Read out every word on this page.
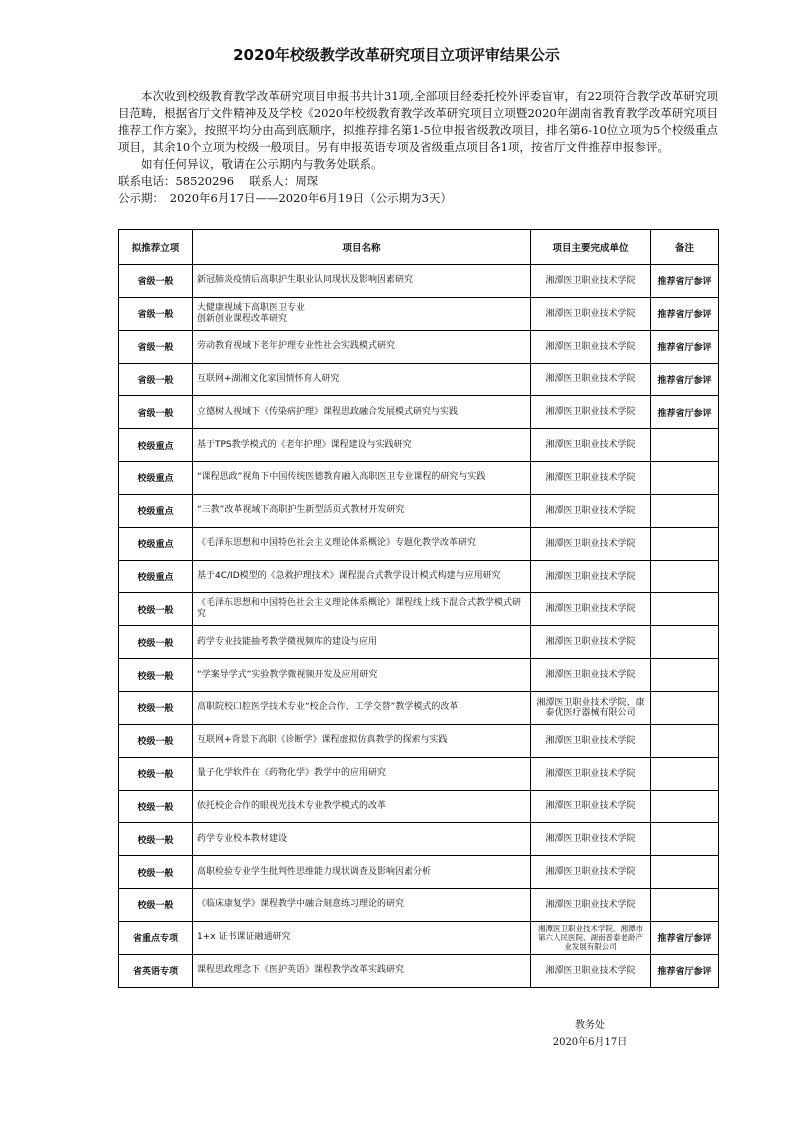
2020年校级教学改革研究项目立项评审结果公示

本次收到校级教育教学改革研究项目申报书共计31项,全部项目经委托校外评委盲审，有22项符合教学改革研究项目范畴，根据省厅文件精神及及学校《2020年校级教育教学改革研究项目立项暨2020年湖南省教育教学改革研究项目推荐工作方案》，按照平均分由高到底顺序，拟推荐排名第1-5位申报省级教改项目，排名第6-10位立项为5个校级重点项目，其余10个立项为校级一般项目。另有申报英语专项及省级重点项目各1项，按省厅文件推荐申报参评。

如有任何异议，敬请在公示期内与教务处联系。

联系电话：58520296　 联系人：周琛

公示期：　2020年6月17日——2020年6月19日（公示期为3天）

拟推荐立项	项目名称	项目主要完成单位	备注
省级一般	新冠肺炎疫情后高职护生职业认同现状及影响因素研究	湘潭医卫职业技术学院	推荐省厅参评
省级一般	大健康视域下高职医卫专业
创新创业课程改革研究	湘潭医卫职业技术学院	推荐省厅参评
省级一般	劳动教育视域下老年护理专业性社会实践模式研究	湘潭医卫职业技术学院	推荐省厅参评
省级一般	互联网+湖湘文化家国情怀育人研究	湘潭医卫职业技术学院	推荐省厅参评
省级一般	立德树人视域下《传染病护理》课程思政融合发展模式研究与实践	湘潭医卫职业技术学院	推荐省厅参评
校级重点	基于TPS教学模式的《老年护理》课程建设与实践研究	湘潭医卫职业技术学院	
校级重点	“课程思政”视角下中国传统医德教育融入高职医卫专业课程的研究与实践	湘潭医卫职业技术学院	
校级重点	“三教”改革视域下高职护生新型活页式教材开发研究	湘潭医卫职业技术学院	
校级重点	《毛泽东思想和中国特色社会主义理论体系概论》专题化教学改革研究	湘潭医卫职业技术学院	
校级重点	基于4C/ID模型的《急救护理技术》课程混合式教学设计模式构建与应用研究	湘潭医卫职业技术学院	
校级一般	《毛泽东思想和中国特色社会主义理论体系概论》课程线上线下混合式教学模式研究	湘潭医卫职业技术学院	
校级一般	药学专业技能抽考教学微视频库的建设与应用	湘潭医卫职业技术学院	
校级一般	“学案导学式”实验教学微视频开发及应用研究	湘潭医卫职业技术学院	
校级一般	高职院校口腔医学技术专业“校企合作、工学交替”教学模式的改革	湘潭医卫职业技术学院、康泰优医疗器械有限公司	
校级一般	互联网+背景下高职《诊断学》课程虚拟仿真教学的探索与实践	湘潭医卫职业技术学院	
校级一般	量子化学软件在《药物化学》教学中的应用研究	湘潭医卫职业技术学院	
校级一般	依托校企合作的眼视光技术专业教学模式的改革	湘潭医卫职业技术学院	
校级一般	药学专业校本教材建设	湘潭医卫职业技术学院	
校级一般	高职检验专业学生批判性思维能力现状调查及影响因素分析	湘潭医卫职业技术学院	
校级一般	《临床康复学》课程教学中融合刻意练习理论的研究	湘潭医卫职业技术学院	
省重点专项	1+x 证书课证融通研究	湘潭医卫职业技术学院、湘潭市第六人民医院、湖南普泰老龄产业发展有限公司	推荐省厅参评
省英语专项	课程思政理念下《医护英语》课程教学改革实践研究	湘潭医卫职业技术学院	推荐省厅参评
教务处
2020年6月17日
